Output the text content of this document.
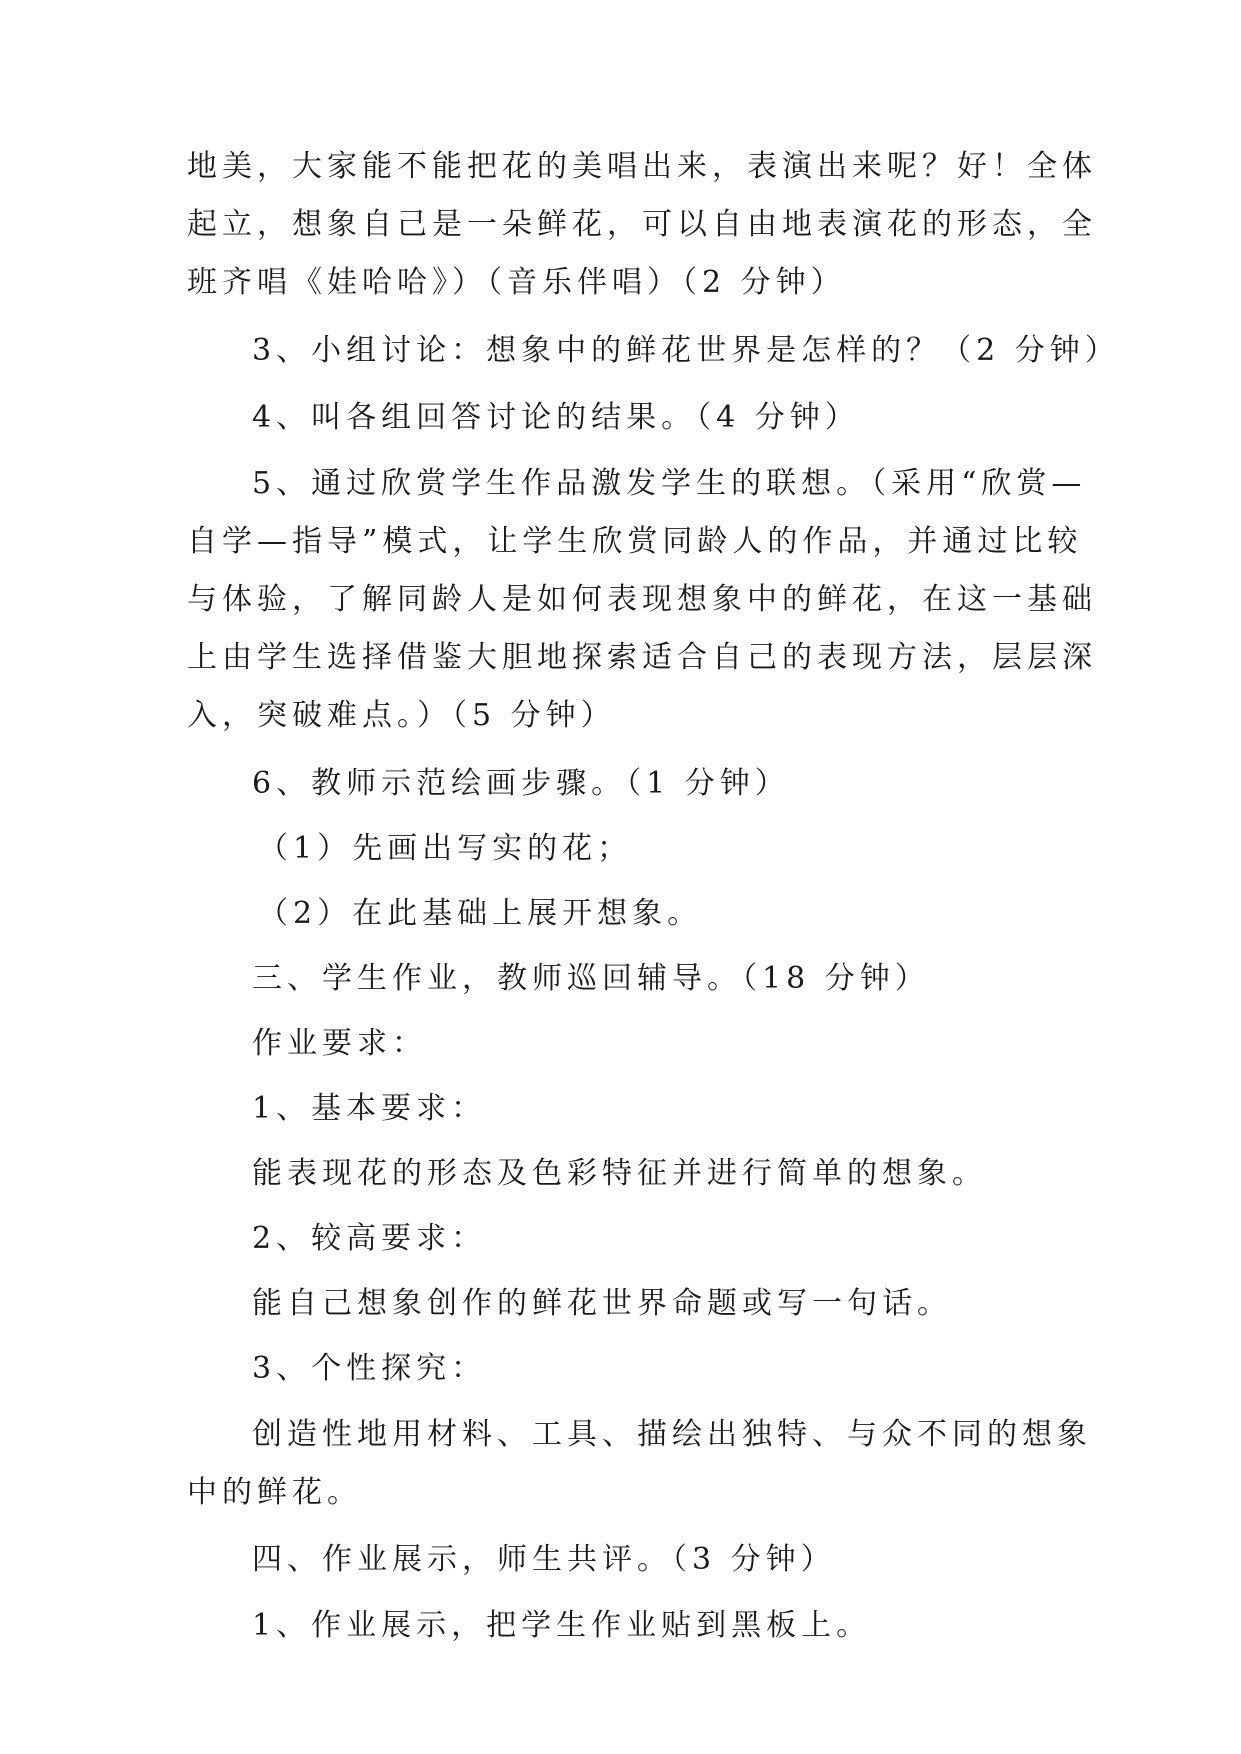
地美，大家能不能把花的美唱出来，表演出来呢？好！全体
起立，想象自己是一朵鲜花，可以自由地表演花的形态，全
班齐唱《娃哈哈》）（音乐伴唱）（2 分钟）
3、小组讨论：想象中的鲜花世界是怎样的？（2 分钟）
4、叫各组回答讨论的结果。（4 分钟）
5、通过欣赏学生作品激发学生的联想。（采用“欣赏—
自学—指导”模式，让学生欣赏同龄人的作品，并通过比较
与体验，了解同龄人是如何表现想象中的鲜花，在这一基础
上由学生选择借鉴大胆地探索适合自己的表现方法，层层深
入，突破难点。）（5 分钟）
6、教师示范绘画步骤。（1 分钟）
（1）先画出写实的花；
（2）在此基础上展开想象。
三、学生作业，教师巡回辅导。（18 分钟）
作业要求：
1、基本要求：
能表现花的形态及色彩特征并进行简单的想象。
2、较高要求：
能自己想象创作的鲜花世界命题或写一句话。
3、个性探究：
创造性地用材料、工具、描绘出独特、与众不同的想象
中的鲜花。
四、作业展示，师生共评。（3 分钟）
1、作业展示，把学生作业贴到黑板上。
